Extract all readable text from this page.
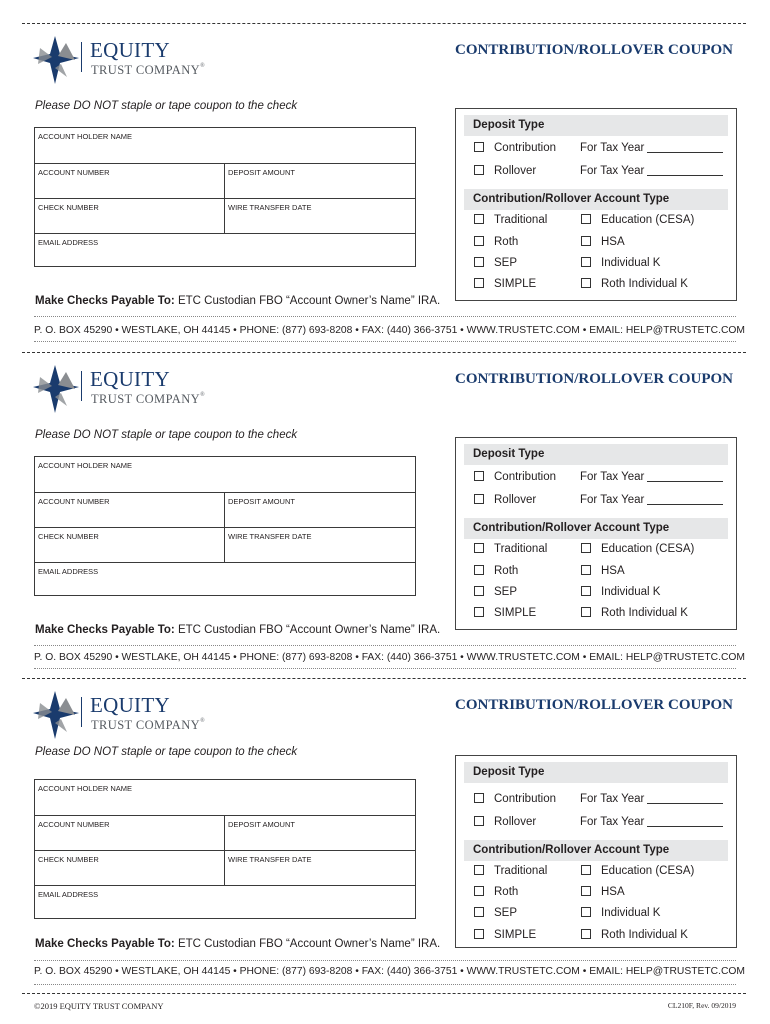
EQUITY
TRUST COMPANY®
CONTRIBUTION/ROLLOVER COUPON
Please DO NOT staple or tape coupon to the check
ACCOUNT HOLDER NAME
ACCOUNT NUMBER	DEPOSIT AMOUNT
CHECK NUMBER	WIRE TRANSFER DATE
EMAIL ADDRESS
Make Checks Payable To: ETC Custodian FBO “Account Owner’s Name” IRA.
Deposit Type
Contribution For Tax Year
Rollover	For Tax Year
Contribution/Rollover Account Type
Traditional	Education (CESA)
Roth	HSA
SEP	Individual K
SIMPLE	Roth Individual K
P. O. BOX 45290 • WESTLAKE, OH 44145 • PHONE: (877) 693-8208 • FAX: (440) 366-3751 • WWW.TRUSTETC.COM • EMAIL: HELP@TRUSTETC.COM
EQUITY
TRUST COMPANY®
CONTRIBUTION/ROLLOVER COUPON
Please DO NOT staple or tape coupon to the check
ACCOUNT HOLDER NAME
ACCOUNT NUMBER	DEPOSIT AMOUNT
CHECK NUMBER	WIRE TRANSFER DATE
EMAIL ADDRESS
Make Checks Payable To: ETC Custodian FBO “Account Owner’s Name” IRA.
Deposit Type
Contribution For Tax Year
Rollover	For Tax Year
Contribution/Rollover Account Type
Traditional	Education (CESA)
Roth	HSA
SEP	Individual K
SIMPLE	Roth Individual K
P. O. BOX 45290 • WESTLAKE, OH 44145 • PHONE: (877) 693-8208 • FAX: (440) 366-3751 • WWW.TRUSTETC.COM • EMAIL: HELP@TRUSTETC.COM
EQUITY
TRUST COMPANY®
CONTRIBUTION/ROLLOVER COUPON
Please DO NOT staple or tape coupon to the check
ACCOUNT HOLDER NAME
ACCOUNT NUMBER	DEPOSIT AMOUNT
CHECK NUMBER	WIRE TRANSFER DATE
EMAIL ADDRESS
Make Checks Payable To: ETC Custodian FBO “Account Owner’s Name” IRA.
Deposit Type
Contribution For Tax Year
Rollover	For Tax Year
Contribution/Rollover Account Type
Traditional	Education (CESA)
Roth	HSA
SEP	Individual K
SIMPLE	Roth Individual K
P. O. BOX 45290 • WESTLAKE, OH 44145 • PHONE: (877) 693-8208 • FAX: (440) 366-3751 • WWW.TRUSTETC.COM • EMAIL: HELP@TRUSTETC.COM
©2019 EQUITY TRUST COMPANY	CL210F, Rev. 09/2019
